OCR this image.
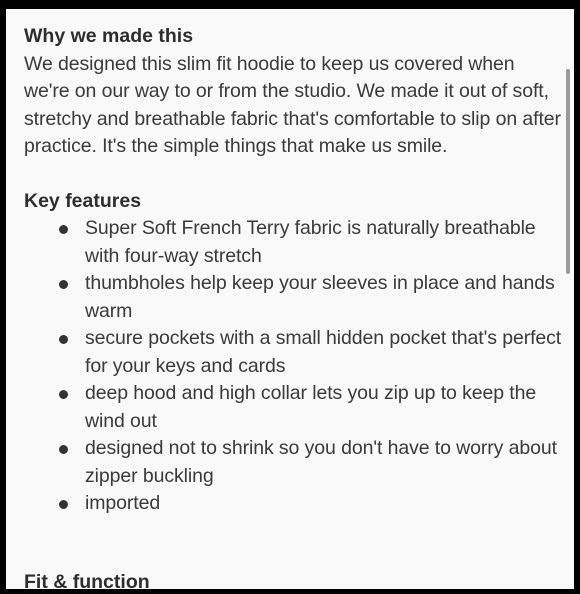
Why we made this

We designed this slim fit hoodie to keep us covered when we're on our way to or from the studio. We made it out of soft, stretchy and breathable fabric that's comfortable to slip on after practice. It's the simple things that make us smile.

Key features
Super Soft French Terry fabric is naturally breathable with four-way stretch
thumbholes help keep your sleeves in place and hands warm
secure pockets with a small hidden pocket that's perfect for your keys and cards
deep hood and high collar lets you zip up to keep the wind out
designed not to shrink so you don't have to worry about zipper buckling
imported
Fit & function
